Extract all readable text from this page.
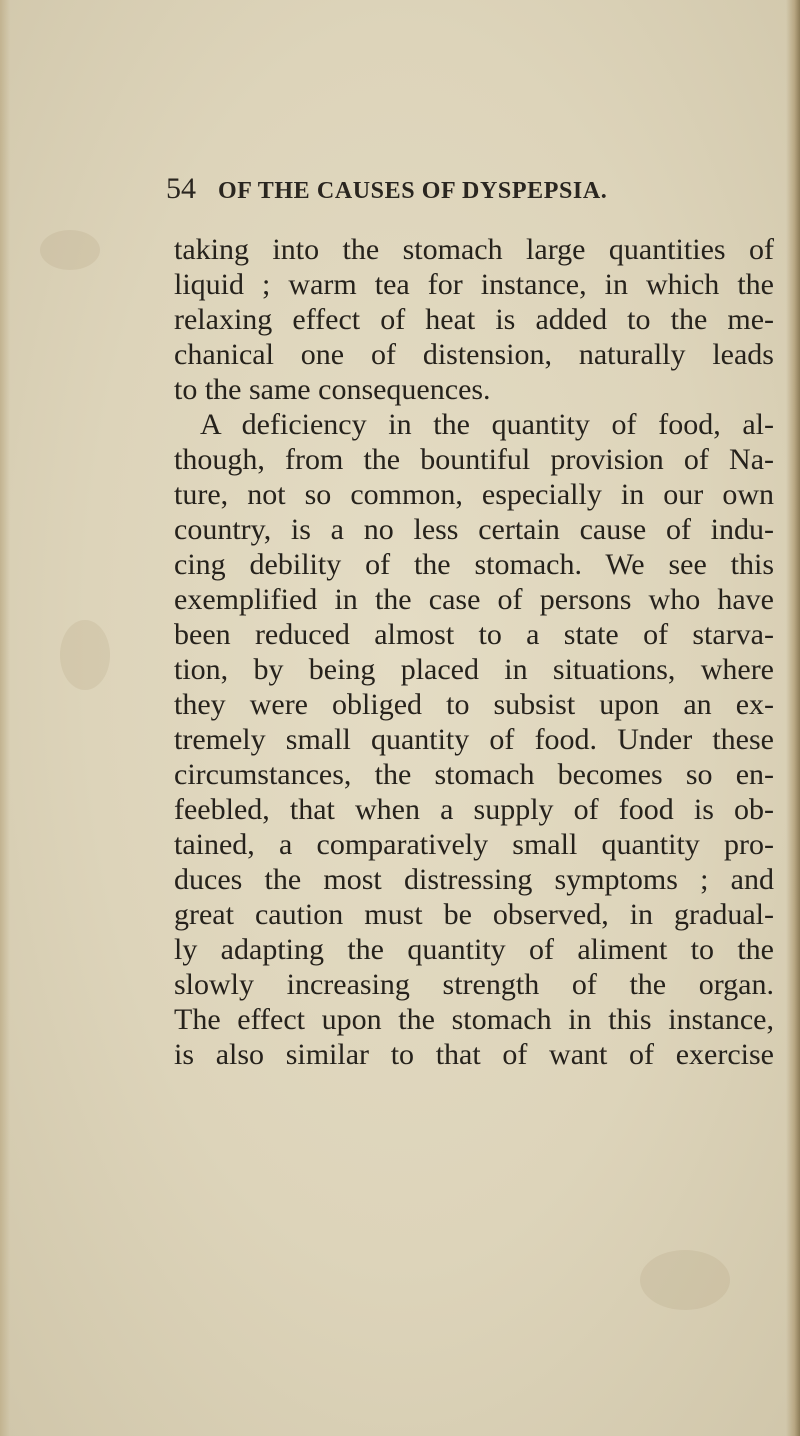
54 OF THE CAUSES OF DYSPEPSIA.
taking into the stomach large quantities of
liquid ; warm tea for instance, in which the
relaxing effect of heat is added to the me-
chanical one of distension, naturally leads
to the same consequences.
A deficiency in the quantity of food, al-
though, from the bountiful provision of Na-
ture, not so common, especially in our own
country, is a no less certain cause of indu-
cing debility of the stomach. We see this
exemplified in the case of persons who have
been reduced almost to a state of starva-
tion, by being placed in situations, where
they were obliged to subsist upon an ex-
tremely small quantity of food. Under these
circumstances, the stomach becomes so en-
feebled, that when a supply of food is ob-
tained, a comparatively small quantity pro-
duces the most distressing symptoms ; and
great caution must be observed, in gradual-
ly adapting the quantity of aliment to the
slowly increasing strength of the organ.
The effect upon the stomach in this instance,
is also similar to that of want of exercise
